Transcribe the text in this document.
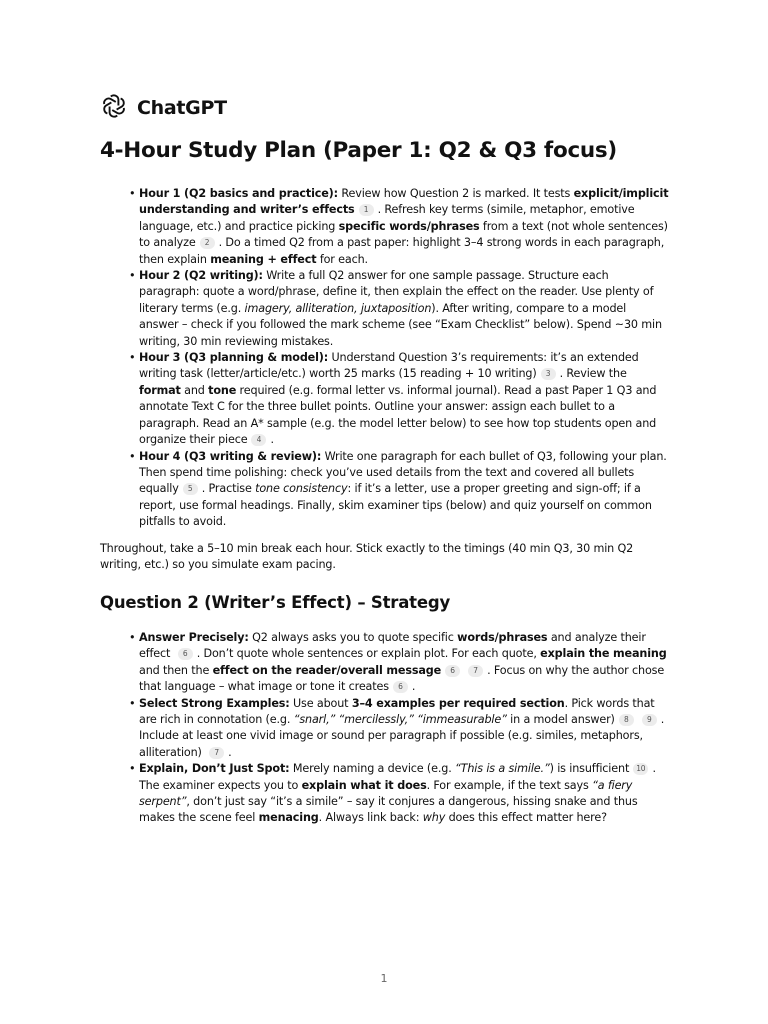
ChatGPT
4-Hour Study Plan (Paper 1: Q2 & Q3 focus)
• Hour 1 (Q2 basics and practice): Review how Question 2 is marked. It tests explicit/implicit understanding and writer’s effects 1 . Refresh key terms (simile, metaphor, emotive language, etc.) and practice picking specific words/phrases from a text (not whole sentences) to analyze 2 . Do a timed Q2 from a past paper: highlight 3–4 strong words in each paragraph, then explain meaning + effect for each.
• Hour 2 (Q2 writing): Write a full Q2 answer for one sample passage. Structure each paragraph: quote a word/phrase, define it, then explain the effect on the reader. Use plenty of literary terms (e.g. imagery, alliteration, juxtaposition). After writing, compare to a model answer – check if you followed the mark scheme (see “Exam Checklist” below). Spend ~30 min writing, 30 min reviewing mistakes.
• Hour 3 (Q3 planning & model): Understand Question 3’s requirements: it’s an extended writing task (letter/article/etc.) worth 25 marks (15 reading + 10 writing) 3 . Review the format and tone required (e.g. formal letter vs. informal journal). Read a past Paper 1 Q3 and annotate Text C for the three bullet points. Outline your answer: assign each bullet to a paragraph. Read an A* sample (e.g. the model letter below) to see how top students open and organize their piece 4 .
• Hour 4 (Q3 writing & review): Write one paragraph for each bullet of Q3, following your plan. Then spend time polishing: check you’ve used details from the text and covered all bullets equally 5 . Practise tone consistency: if it’s a letter, use a proper greeting and sign-off; if a report, use formal headings. Finally, skim examiner tips (below) and quiz yourself on common pitfalls to avoid.

Throughout, take a 5–10 min break each hour. Stick exactly to the timings (40 min Q3, 30 min Q2 writing, etc.) so you simulate exam pacing.

Question 2 (Writer’s Effect) – Strategy
• Answer Precisely: Q2 always asks you to quote specific words/phrases and analyze their effect 6 . Don’t quote whole sentences or explain plot. For each quote, explain the meaning and then the effect on the reader/overall message 6 7 . Focus on why the author chose that language – what image or tone it creates 6 .
• Select Strong Examples: Use about 3–4 examples per required section. Pick words that are rich in connotation (e.g. “snarl,” “mercilessly,” “immeasurable” in a model answer) 8 9 . Include at least one vivid image or sound per paragraph if possible (e.g. similes, metaphors, alliteration) 7 .
• Explain, Don’t Just Spot: Merely naming a device (e.g. “This is a simile.”) is insufficient 10 . The examiner expects you to explain what it does. For example, if the text says “a fiery serpent”, don’t just say “it’s a simile” – say it conjures a dangerous, hissing snake and thus makes the scene feel menacing. Always link back: why does this effect matter here?
1
